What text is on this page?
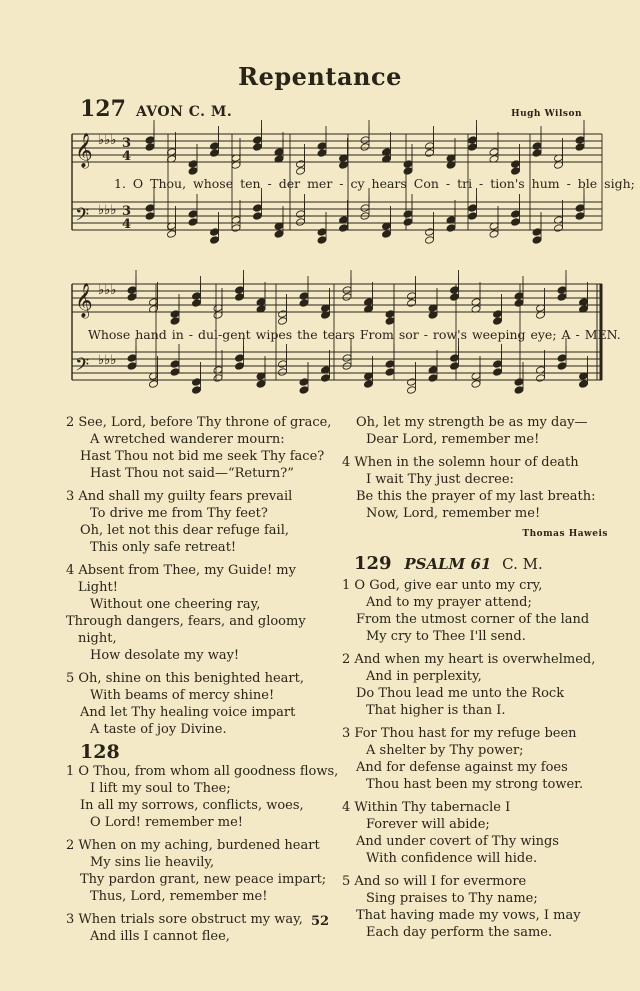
Repentance
127 AVON C. M.	Hugh Wilson
𝄞
𝄢
𝄞
𝄢
♭♭♭
♭♭♭
♭♭♭
♭♭♭
3
4
3
4
1. O Thou, whose ten - der mer - cy hears Con - tri - tion's hum - ble sigh;
Whose hand in - dul-gent wipes the tears From sor - row's weeping eye; A - MEN.
2 See, Lord, before Thy throne of grace,
A wretched wanderer mourn:
Hast Thou not bid me seek Thy face?
Hast Thou not said—“Return?”
3 And shall my guilty fears prevail
To drive me from Thy feet?
Oh, let not this dear refuge fail,
This only safe retreat!
4 Absent from Thee, my Guide! my Light!
Without one cheering ray,
Through dangers, fears, and gloomy night,
How desolate my way!
5 Oh, shine on this benighted heart,
With beams of mercy shine!
And let Thy healing voice impart
A taste of joy Divine.
128
1 O Thou, from whom all goodness flows,
I lift my soul to Thee;
In all my sorrows, conflicts, woes,
O Lord! remember me!
2 When on my aching, burdened heart
My sins lie heavily,
Thy pardon grant, new peace impart;
Thus, Lord, remember me!
3 When trials sore obstruct my way,
And ills I cannot flee,
Oh, let my strength be as my day—
Dear Lord, remember me!
4 When in the solemn hour of death
I wait Thy just decree:
Be this the prayer of my last breath:
Now, Lord, remember me!
Thomas Haweis
129 PSALM 61 C. M.
1 O God, give ear unto my cry,
And to my prayer attend;
From the utmost corner of the land
My cry to Thee I'll send.
2 And when my heart is overwhelmed,
And in perplexity,
Do Thou lead me unto the Rock
That higher is than I.
3 For Thou hast for my refuge been
A shelter by Thy power;
And for defense against my foes
Thou hast been my strong tower.
4 Within Thy tabernacle I
Forever will abide;
And under covert of Thy wings
With confidence will hide.
5 And so will I for evermore
Sing praises to Thy name;
That having made my vows, I may
Each day perform the same.
52
